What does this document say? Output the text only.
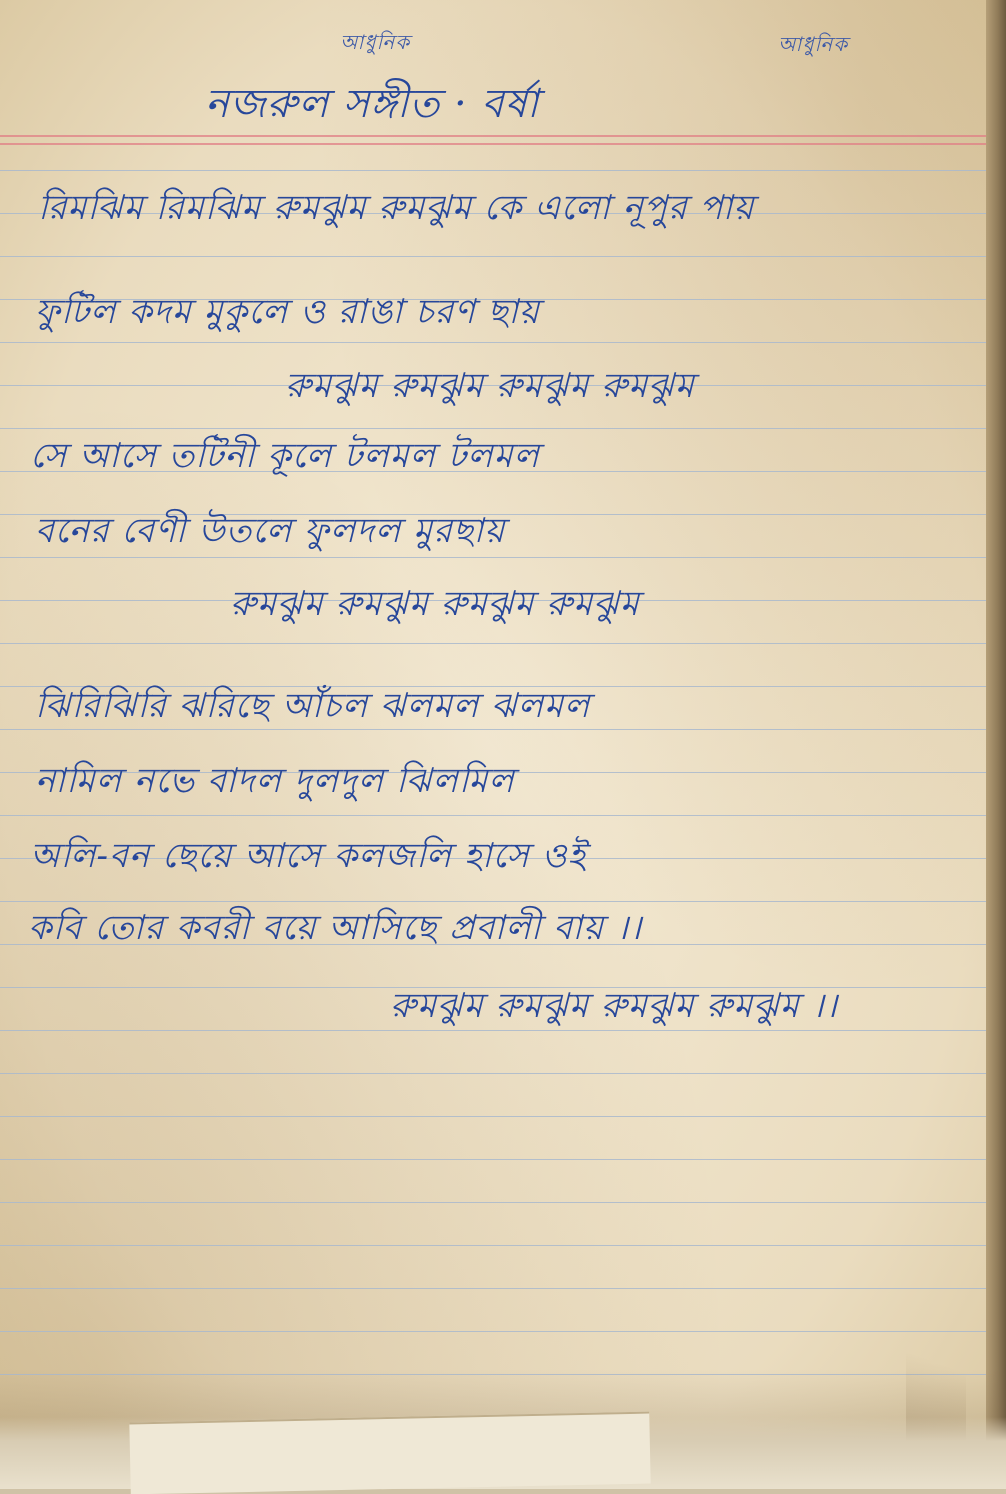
আধুনিক	আধুনিক
নজরুল সঙ্গীত · বর্ষা
রিমঝিম রিমঝিম রুমঝুম রুমঝুম কে এলো নূপুর পায়
ফুটিল কদম মুকুলে ও রাঙা চরণ ছায়
রুমঝুম রুমঝুম রুমঝুম রুমঝুম
সে আসে তটিনী কূলে টলমল টলমল
বনের বেণী উতলে ফুলদল মুরছায়
রুমঝুম রুমঝুম রুমঝুম রুমঝুম
ঝিরিঝিরি ঝরিছে আঁচল ঝলমল ঝলমল
নামিল নভে বাদল দুলদুল ঝিলমিল
অলি-বন ছেয়ে আসে কলজলি হাসে ওই
কবি তোর কবরী বয়ে আসিছে প্রবালী বায় ।।
রুমঝুম রুমঝুম রুমঝুম রুমঝুম ।।
